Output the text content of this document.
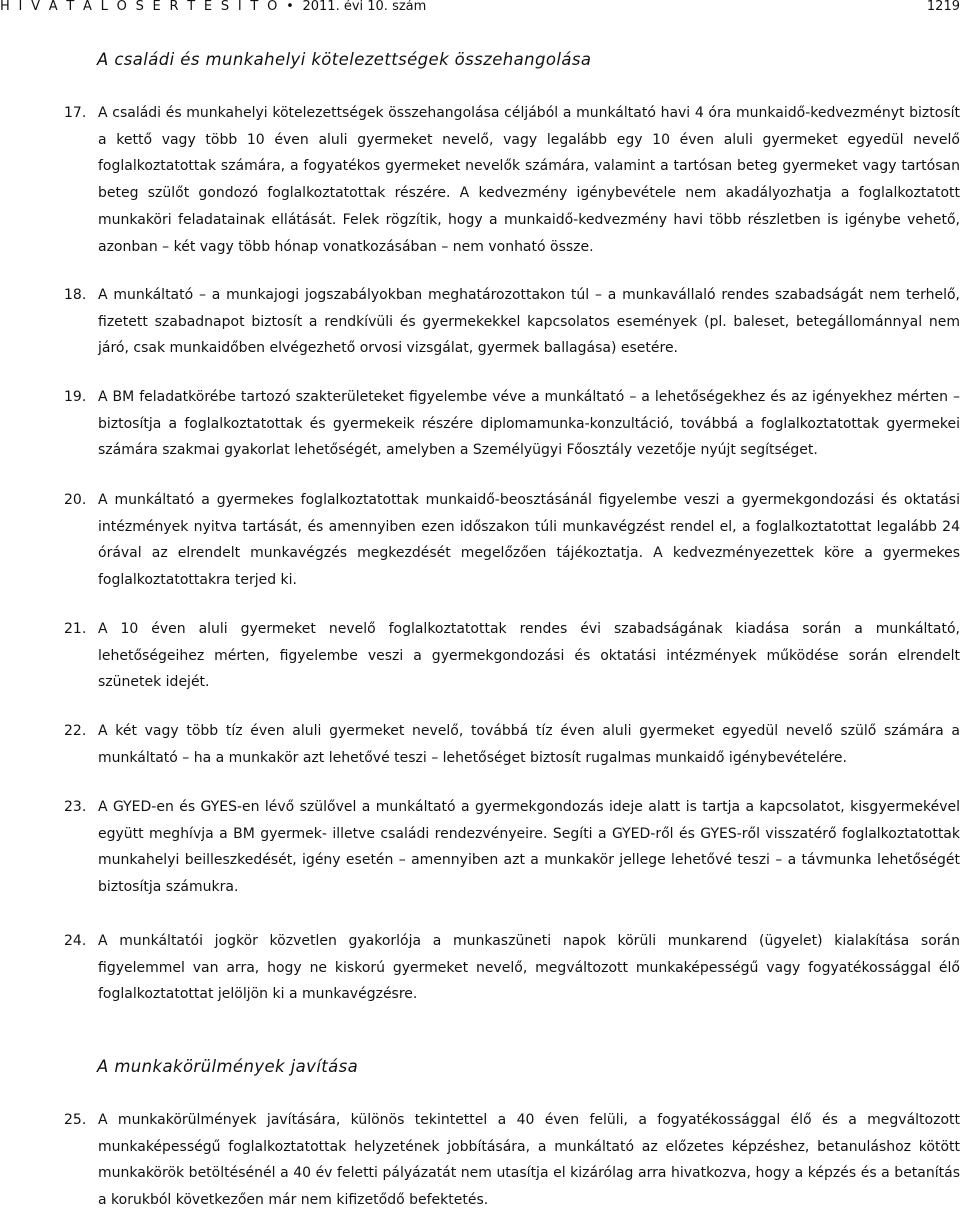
H I V A T A L O S É R T E S Í T Õ • 2011. évi 10. szám	1219
A családi és munkahelyi kötelezettségek összehangolása
17. A családi és munkahelyi kötelezettségek összehangolása céljából a munkáltató havi 4 óra munkaidő-kedvezményt biztosít a kettő vagy több 10 éven aluli gyermeket nevelő, vagy legalább egy 10 éven aluli gyermeket egyedül nevelő foglalkoztatottak számára, a fogyatékos gyermeket nevelők számára, valamint a tartósan beteg gyermeket vagy tartósan beteg szülőt gondozó foglalkoztatottak részére. A kedvezmény igénybevétele nem akadályozhatja a foglalkoztatott munkaköri feladatainak ellátását. Felek rögzítik, hogy a munkaidő-kedvezmény havi több részletben is igénybe vehető, azonban – két vagy több hónap vonatkozásában – nem vonható össze.

18. A munkáltató – a munkajogi jogszabályokban meghatározottakon túl – a munkavállaló rendes szabadságát nem terhelő, fizetett szabadnapot biztosít a rendkívüli és gyermekekkel kapcsolatos események (pl. baleset, betegállománnyal nem járó, csak munkaidőben elvégezhető orvosi vizsgálat, gyermek ballagása) esetére.

19. A BM feladatkörébe tartozó szakterületeket figyelembe véve a munkáltató – a lehetőségekhez és az igényekhez mérten – biztosítja a foglalkoztatottak és gyermekeik részére diplomamunka-konzultáció, továbbá a foglalkoztatottak gyermekei számára szakmai gyakorlat lehetőségét, amelyben a Személyügyi Főosztály vezetője nyújt segítséget.

20. A munkáltató a gyermekes foglalkoztatottak munkaidő-beosztásánál figyelembe veszi a gyermekgondozási és oktatási intézmények nyitva tartását, és amennyiben ezen időszakon túli munkavégzést rendel el, a foglalkoztatottat legalább 24 órával az elrendelt munkavégzés megkezdését megelőzően tájékoztatja. A kedvezményezettek köre a gyermekes foglalkoztatottakra terjed ki.

21. A 10 éven aluli gyermeket nevelő foglalkoztatottak rendes évi szabadságának kiadása során a munkáltató, lehetőségeihez mérten, figyelembe veszi a gyermekgondozási és oktatási intézmények működése során elrendelt szünetek idejét.

22. A két vagy több tíz éven aluli gyermeket nevelő, továbbá tíz éven aluli gyermeket egyedül nevelő szülő számára a munkáltató – ha a munkakör azt lehetővé teszi – lehetőséget biztosít rugalmas munkaidő igénybevételére.

23. A GYED-en és GYES-en lévő szülővel a munkáltató a gyermekgondozás ideje alatt is tartja a kapcsolatot, kisgyermekével együtt meghívja a BM gyermek- illetve családi rendezvényeire. Segíti a GYED-ről és GYES-ről visszatérő foglalkoztatottak munkahelyi beilleszkedését, igény esetén – amennyiben azt a munkakör jellege lehetővé teszi – a távmunka lehetőségét biztosítja számukra.

24. A munkáltatói jogkör közvetlen gyakorlója a munkaszüneti napok körüli munkarend (ügyelet) kialakítása során figyelemmel van arra, hogy ne kiskorú gyermeket nevelő, megváltozott munkaképességű vagy fogyatékossággal élő foglalkoztatottat jelöljön ki a munkavégzésre.

A munkakörülmények javítása
25. A munkakörülmények javítására, különös tekintettel a 40 éven felüli, a fogyatékossággal élő és a megváltozott munkaképességű foglalkoztatottak helyzetének jobbítására, a munkáltató az előzetes képzéshez, betanuláshoz kötött munkakörök betöltésénél a 40 év feletti pályázatát nem utasítja el kizárólag arra hivatkozva, hogy a képzés és a betanítás a korukból következően már nem kifizetődő befektetés.
